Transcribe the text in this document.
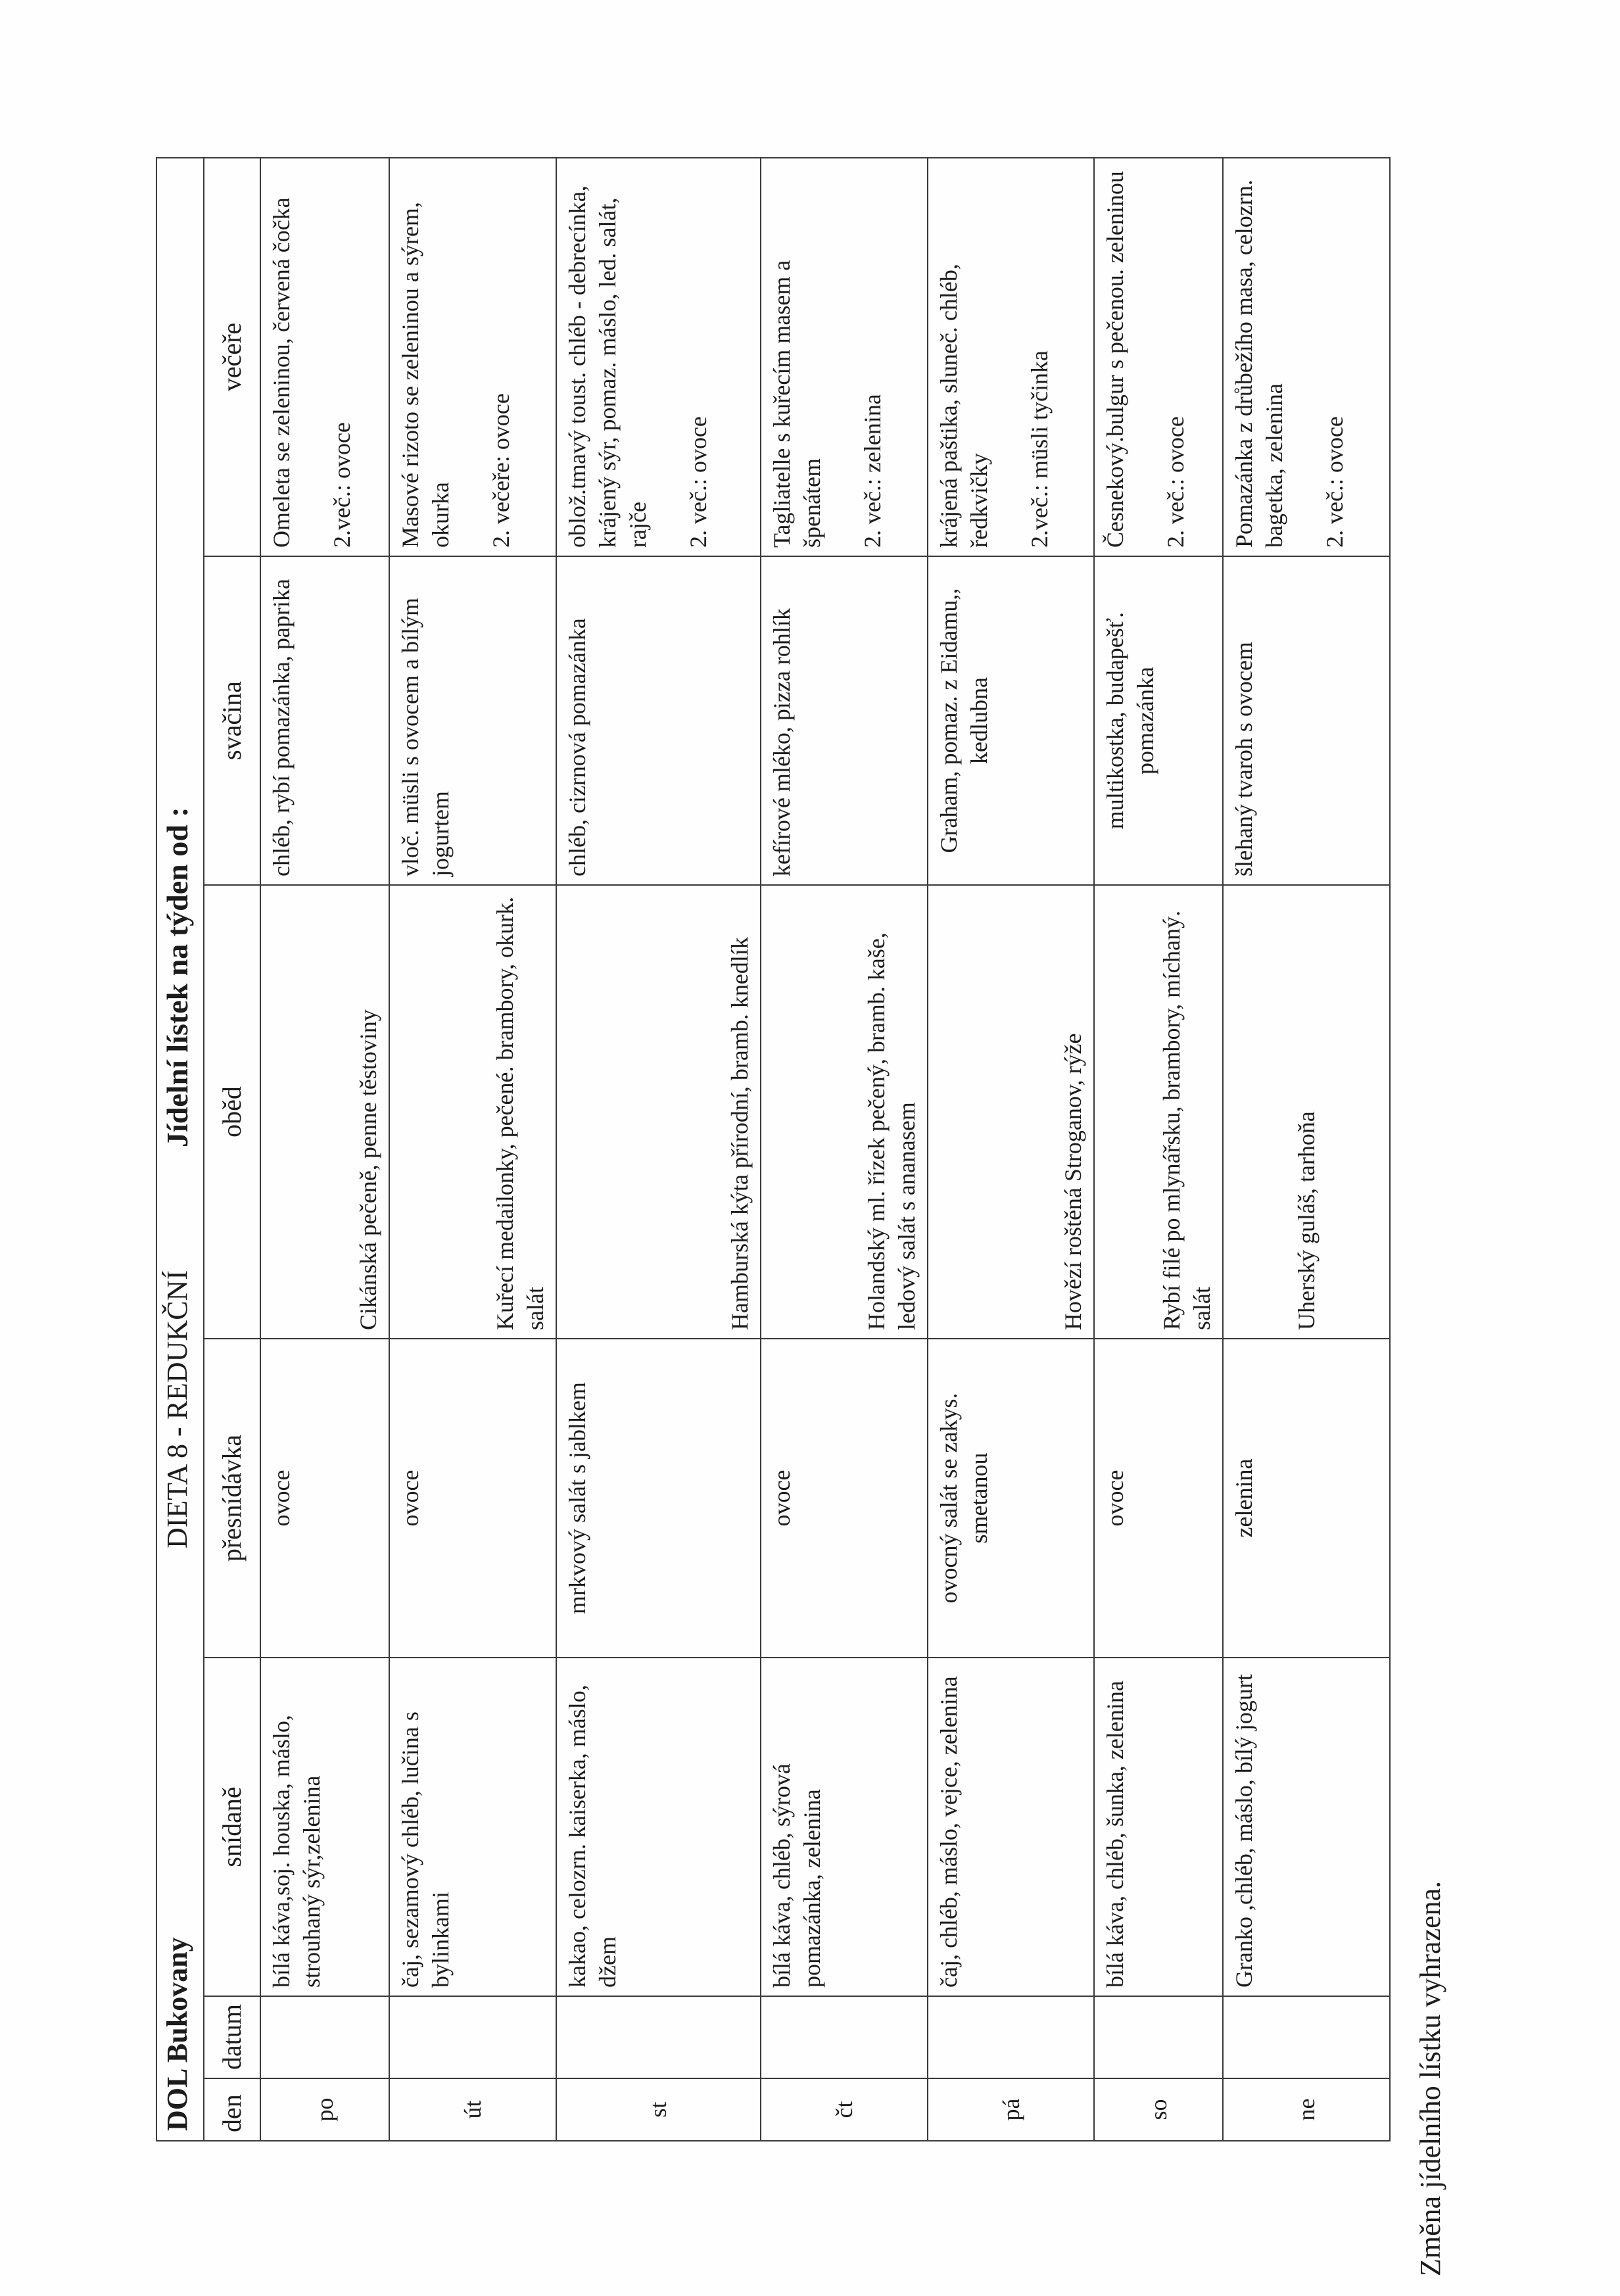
DOL Bukovany
DIETA 8 - REDUKČNÍ
Jídelní lístek na týden od :						

den	datum	snídaně	přesnídávka	oběd	svačina	večeře
po		bílá káva,soj. houska, máslo, strouhaný sýr,zelenina	ovoce	Cikánská pečeně, penne těstoviny	chléb, rybí pomazánka, paprika	Omeleta se zeleninou, červená čočka 2.več.: ovoce
út		čaj, sezamový chléb, lučina s bylinkami	ovoce	Kuřecí medailonky, pečené. brambory, okurk. salát	vloč. müsli s ovocem a bílým jogurtem	Masové rizoto se zeleninou a sýrem, okurka 2. večeře: ovoce
st		kakao, celozrn. kaiserka, máslo, džem	mrkvový salát s jablkem	Hamburská kýta přírodní, bramb. knedlík	chléb, cizrnová pomazánka	oblož.tmavý toust. chléb - debrecínka, krájený sýr, pomaz. máslo, led. salát, rajče 2. več.: ovoce
čt		bílá káva, chléb, sýrová pomazánka, zelenina	ovoce	Holandský ml. řízek pečený, bramb. kaše, ledový salát s ananasem	kefírové mléko, pizza rohlík	Tagliatelle s kuřecím masem a špenátem 2. več.: zelenina
pá		čaj, chléb, máslo, vejce, zelenina	ovocný salát se zakys. smetanou	Hovězí roštěná Stroganov, rýže	Graham, pomaz. z Eidamu,, kedlubna	krájená paštika, sluneč. chléb, ředkvičky 2.več.: müsli tyčinka
so		bílá káva, chléb, šunka, zelenina	ovoce	Rybí filé po mlynářsku, brambory, míchaný. salát	multikostka, budapešť. pomazánka	Česnekový.bulgur s pečenou. zeleninou 2. več.: ovoce
ne		Granko ,chléb, máslo, bílý jogurt	zelenina	Uherský guláš, tarhoňa	šlehaný tvaroh s ovocem	Pomazánka z drůbežího masa, celozrn. bagetka, zelenina 2. več.: ovoce
Změna jídelního lístku vyhrazena.
